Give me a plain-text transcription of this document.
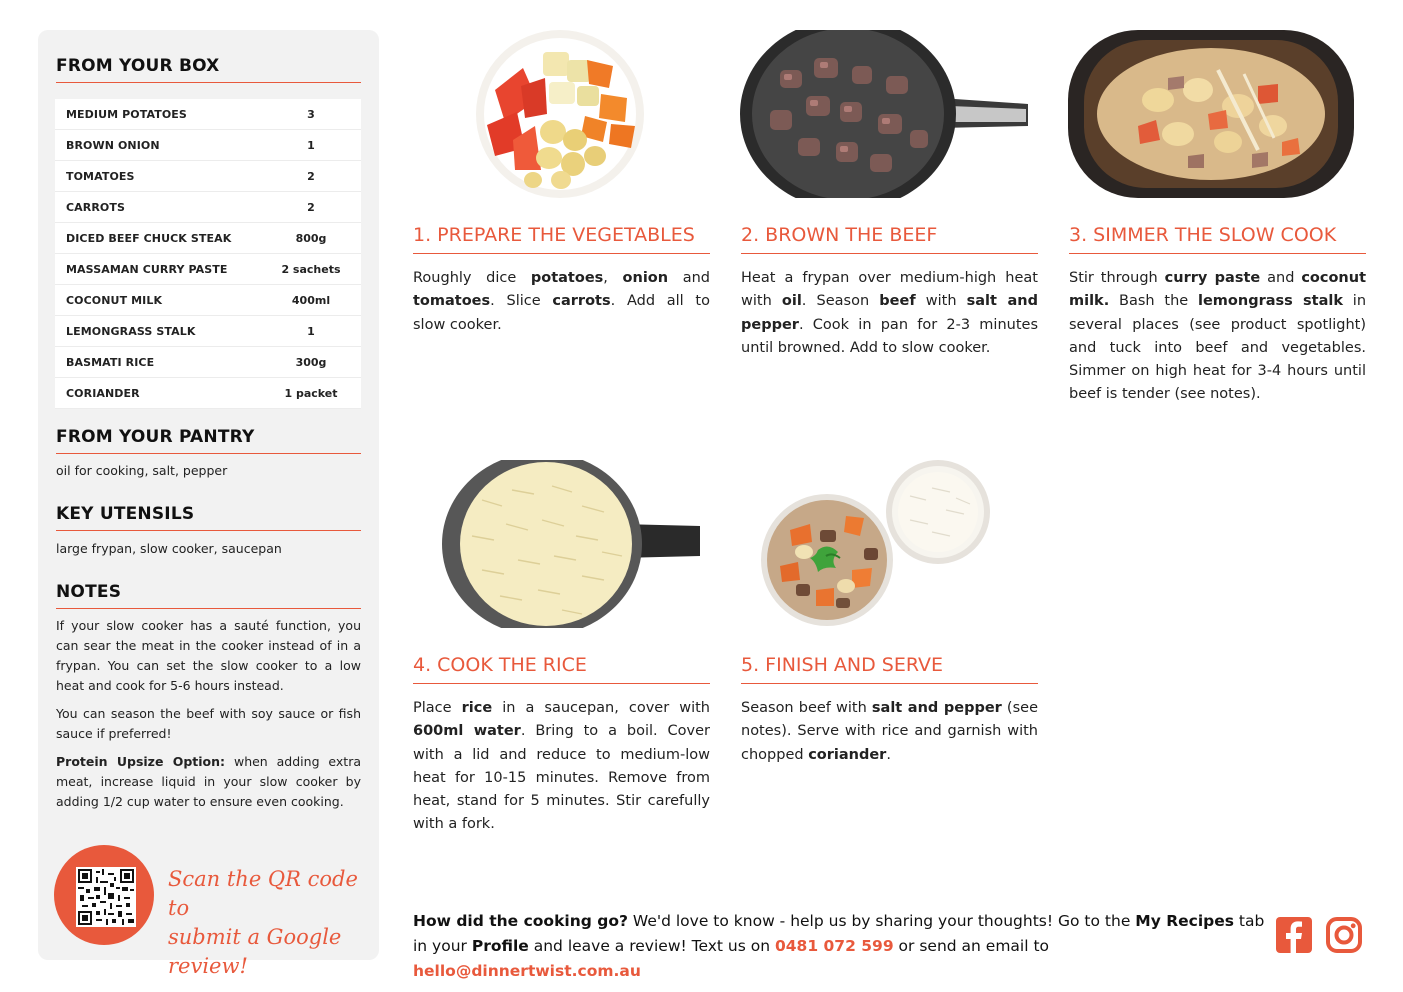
FROM YOUR BOX
MEDIUM POTATOES	3
BROWN ONION	1
TOMATOES	2
CARROTS	2
DICED BEEF CHUCK STEAK	800g
MASSAMAN CURRY PASTE	2 sachets
COCONUT MILK	400ml
LEMONGRASS STALK	1
BASMATI RICE	300g
CORIANDER	1 packet
FROM YOUR PANTRY
oil for cooking, salt, pepper
KEY UTENSILS
large frypan, slow cooker, saucepan
NOTES

If your slow cooker has a sauté function, you can sear the meat in the cooker instead of in a frypan. You can set the slow cooker to a low heat and cook for 5-6 hours instead.

You can season the beef with soy sauce or fish sauce if preferred!

Protein Upsize Option: when adding extra meat, increase liquid in your slow cooker by adding 1/2 cup water to ensure even cooking.

Scan the QR code to
submit a Google review!
1. PREPARE THE VEGETABLES	2. BROWN THE BEEF	3. SIMMER THE SLOW COOK
4. COOK THE RICE	5. FINISH AND SERVE
Roughly dice potatoes, onion and tomatoes. Slice carrots. Add all to slow cooker.
Heat a frypan over medium-high heat with oil. Season beef with salt and pepper. Cook in pan for 2-3 minutes until browned. Add to slow cooker.
Stir through curry paste and coconut milk. Bash the lemongrass stalk in several places (see product spotlight) and tuck into beef and vegetables. Simmer on high heat for 3-4 hours until beef is tender (see notes).
Place rice in a saucepan, cover with 600ml water. Bring to a boil. Cover with a lid and reduce to medium-low heat for 10-15 minutes. Remove from heat, stand for 5 minutes. Stir carefully with a fork.
Season beef with salt and pepper (see notes). Serve with rice and garnish with chopped coriander.
How did the cooking go? We'd love to know - help us by sharing your thoughts! Go to the My Recipes tab in your Profile and leave a review! Text us on 0481 072 599 or send an email to hello@dinnertwist.com.au
